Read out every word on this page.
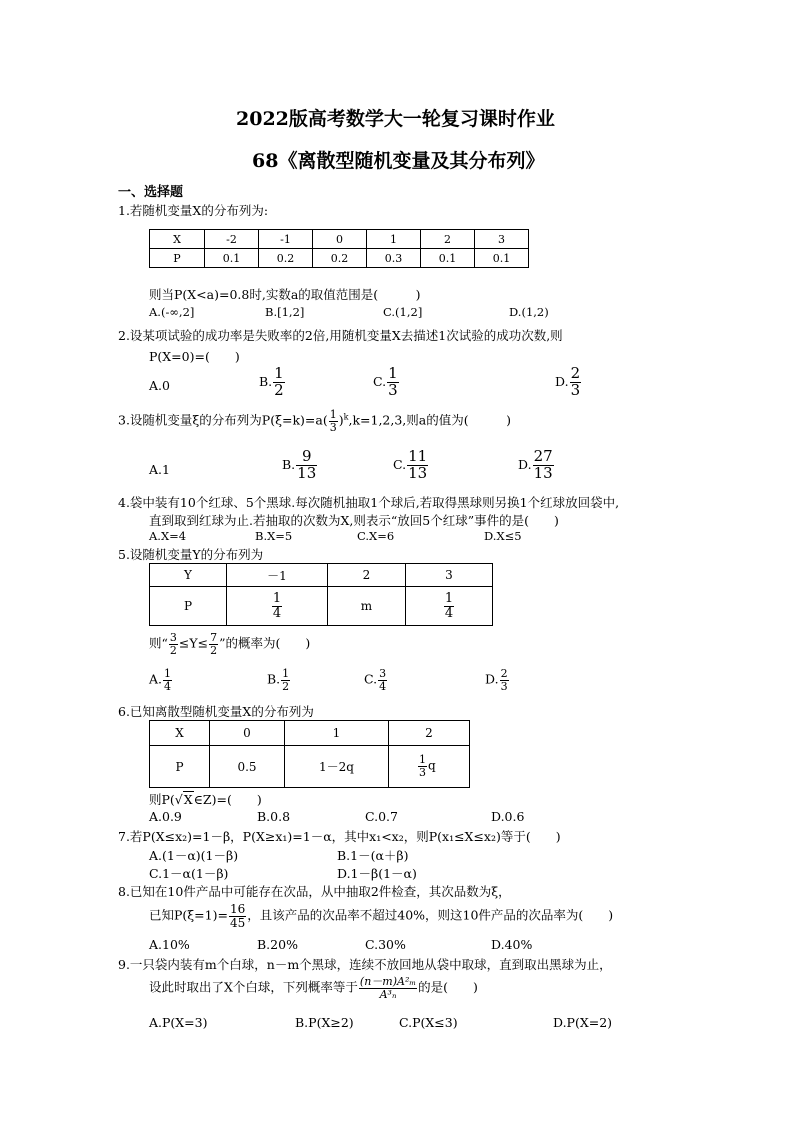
2022版高考数学大一轮复习课时作业
68《离散型随机变量及其分布列》
一、选择题
1.若随机变量X的分布列为:
X	-2	-1	0	1	2	3
P	0.1	0.2	0.2	0.3	0.1	0.1
则当P(X<a)=0.8时,实数a的取值范围是(　　　)
A.(-∞,2]	B.[1,2]	C.(1,2]	D.(1,2)
2.设某项试验的成功率是失败率的2倍,用随机变量X去描述1次试验的成功次数,则
P(X=0)=(　　)
A.0	B. $\frac{1}{2}$	C. $\frac{1}{3}$	D. $\frac{2}{3}$
3.设随机变量ξ的分布列为$P(\xi=k)=a( \frac{1}{3} )^k,k=1,2,3$,则a的值为(　　　)
A.1	B. $\frac{9}{13}$	C. $\frac{11}{13}$	D. $\frac{27}{13}$
4.袋中装有10个红球、5个黑球.每次随机抽取1个球后,若取得黑球则另换1个红球放回袋中,
直到取到红球为止.若抽取的次数为X,则表示“放回5个红球”事件的是(　　)
A.X=4	B.X=5	C.X=6	D.X≤5
5.设随机变量Y的分布列为
Y	－1	2	3
P	$\frac{1}{4}$	m	$\frac{1}{4}$
则“ $\frac{3}{2} \le Y\le \frac{7}{2}$ ”的概率为(　　)
A. $\frac{1}{4}$	B. $\frac{1}{2}$	C. $\frac{3}{4}$	D. $\frac{2}{3}$
6.已知离散型随机变量X的分布列为
X	0	1	2
P	0.5	1－2q	$\frac{1}{3}$ q
则P(√X∈Z)=(　　)
A.0.9	B.0.8	C.0.7	D.0.6
7.若P(X≤x₂)=1－β，P(X≥x₁)=1－α，其中x₁<x₂，则P(x₁≤X≤x₂)等于(　　)
A.(1－α)(1－β)	B.1－(α＋β)
C.1－α(1－β)	D.1－β(1－α)
8.已知在10件产品中可能存在次品，从中抽取2件检查，其次品数为ξ，
已知$P(\xi=1)= \frac{16}{45}$ ，且该产品的次品率不超过40%，则这10件产品的次品率为(　　)
A.10%	B.20%	C.30%	D.40%
9.一只袋内装有m个白球，n－m个黑球，连续不放回地从袋中取球，直到取出黑球为止，
设此时取出了X个白球，下列概率等于 $\frac{\text{(n－m)A²ₘ}}{\text{A³ₙ}}$ 的是(　　)
A.P(X=3)	B.P(X≥2)	C.P(X≤3)	D.P(X=2)
